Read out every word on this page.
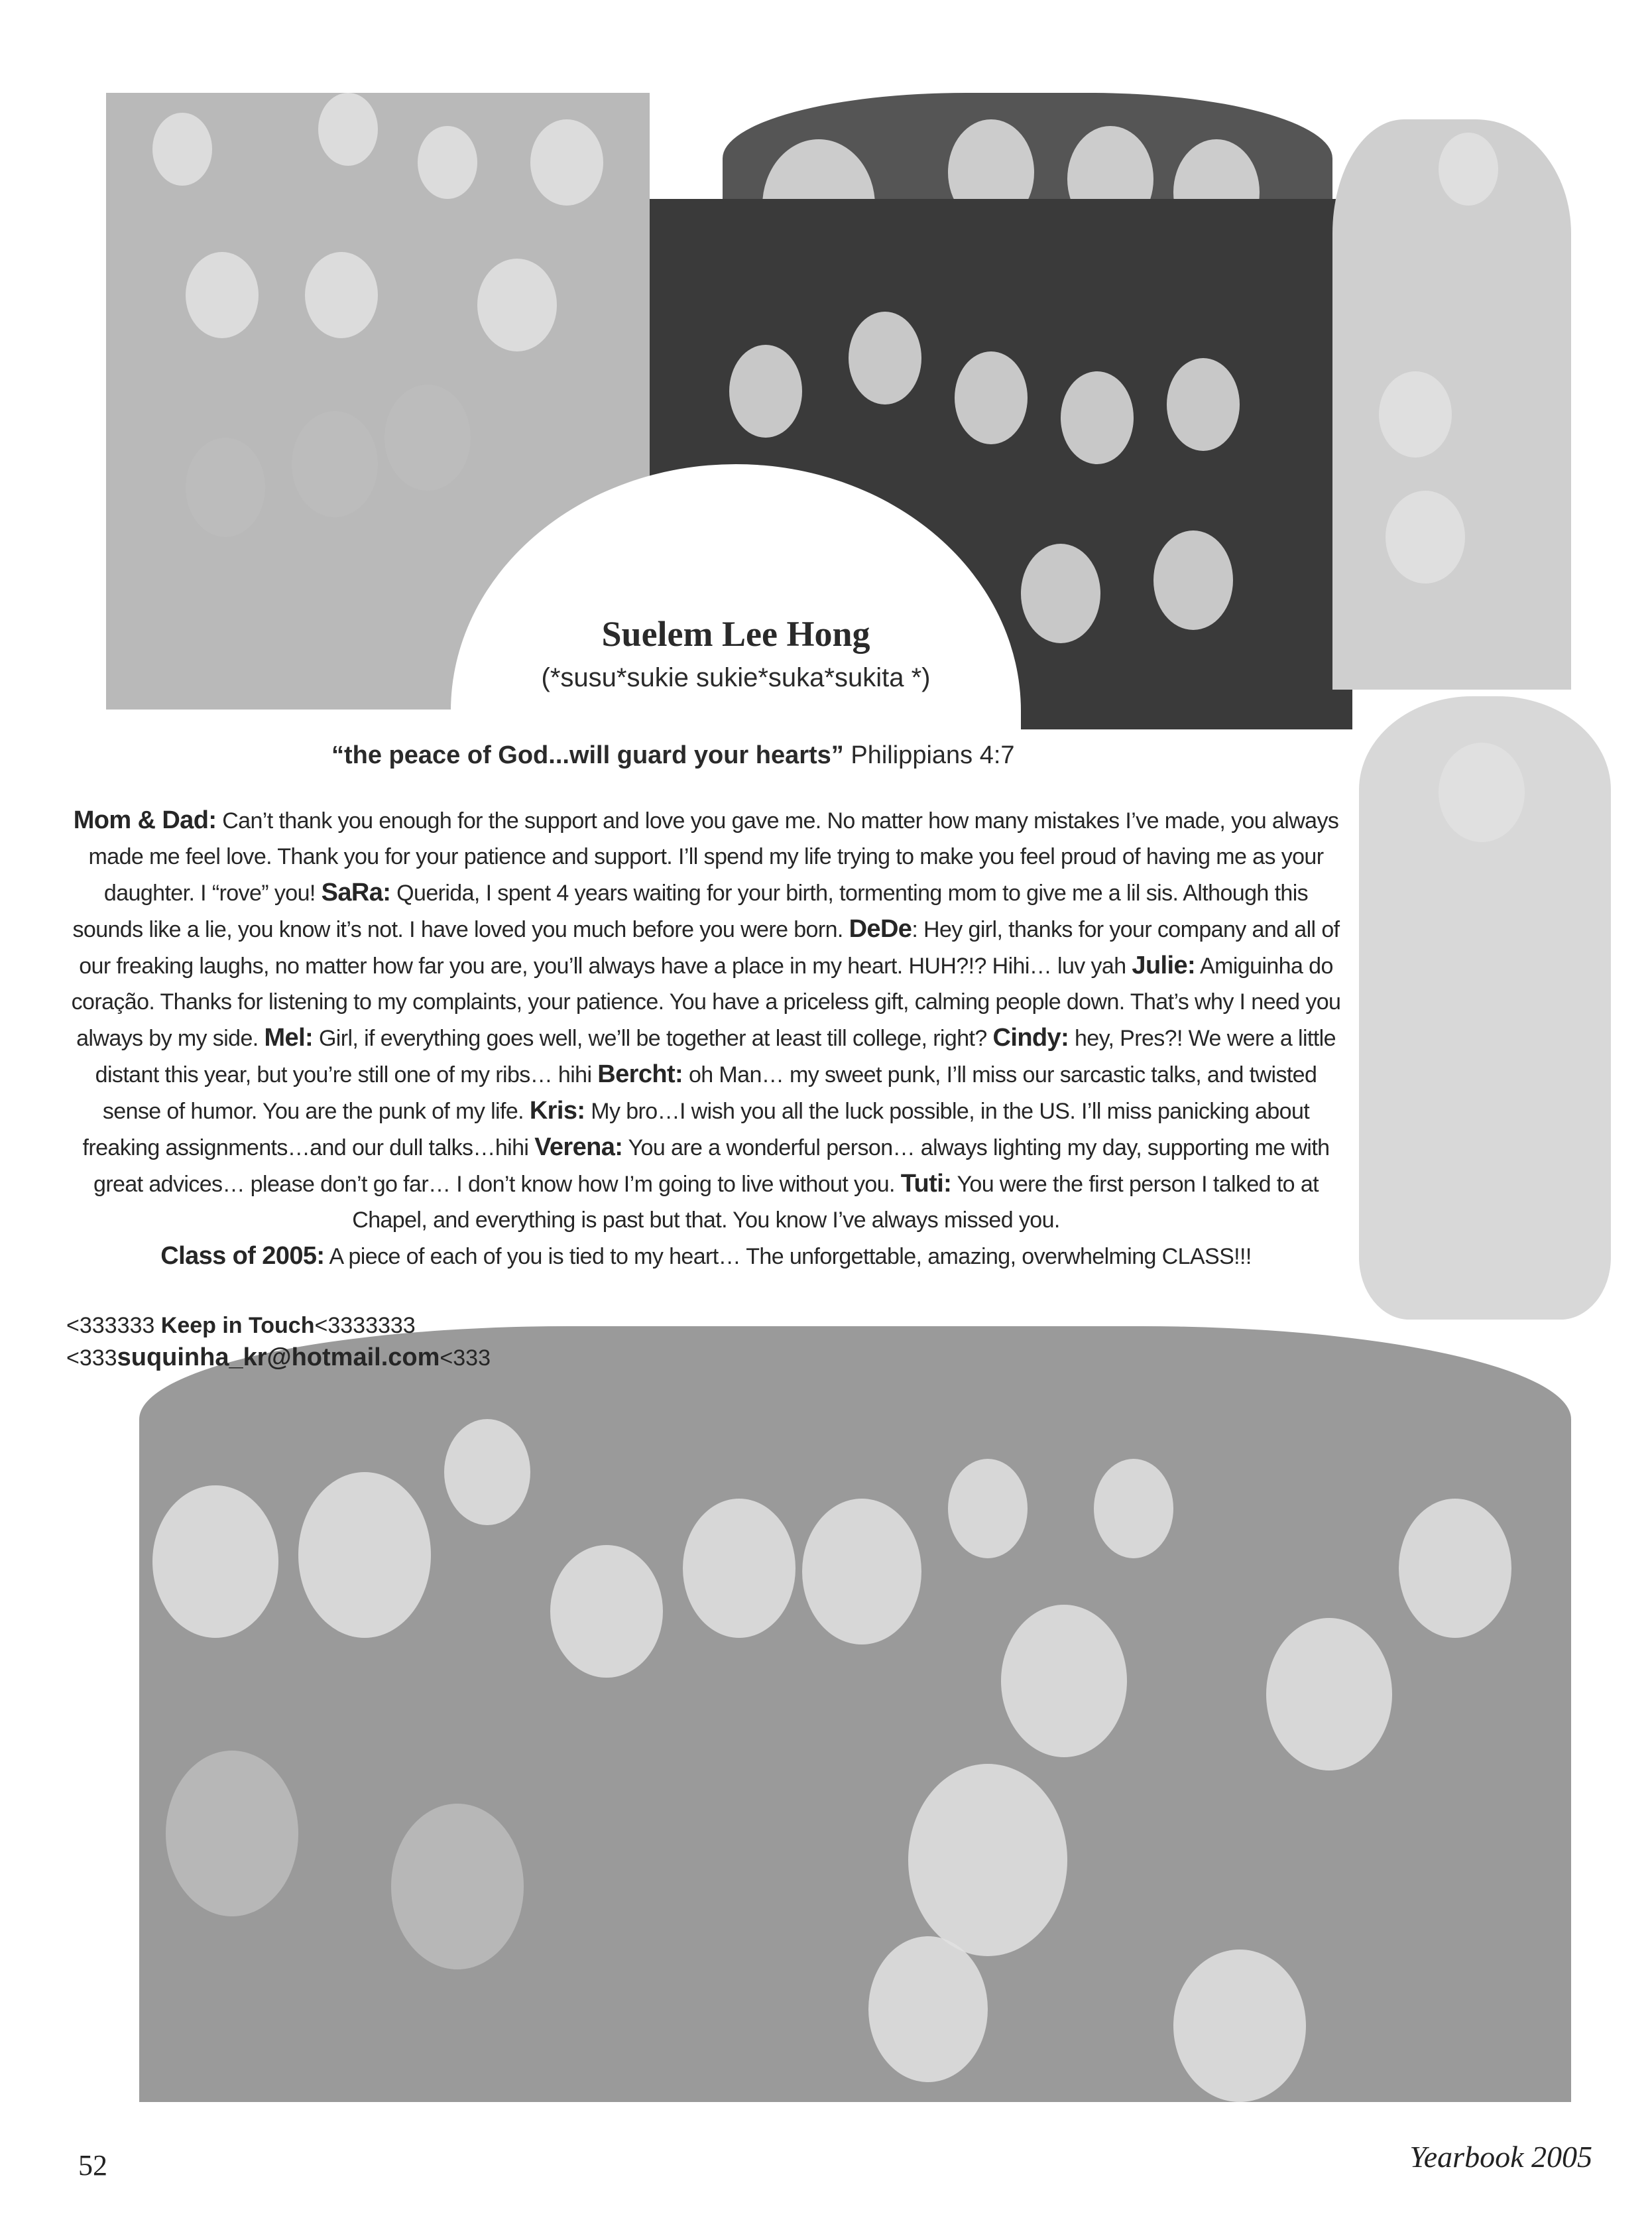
Suelem Lee Hong
(*susu*sukie sukie*suka*sukita *)
“the peace of God...will guard your hearts” Philippians 4:7
Mom & Dad: Can’t thank you enough for the support and love you gave me. No matter how many mistakes I’ve made, you always made me feel love. Thank you for your patience and support. I’ll spend my life trying to make you feel proud of having me as your daughter. I “rove” you! SaRa: Querida, I spent 4 years waiting for your birth, tormenting mom to give me a lil sis. Although this sounds like a lie, you know it’s not. I have loved you much before you were born. DeDe: Hey girl, thanks for your company and all of our freaking laughs, no matter how far you are, you’ll always have a place in my heart. HUH?!? Hihi… luv yah Julie: Amiguinha do coração. Thanks for listening to my complaints, your patience. You have a priceless gift, calming people down. That’s why I need you always by my side. Mel: Girl, if everything goes well, we’ll be together at least till college, right? Cindy: hey, Pres?! We were a little distant this year, but you’re still one of my ribs… hihi Bercht: oh Man… my sweet punk, I’ll miss our sarcastic talks, and twisted sense of humor. You are the punk of my life. Kris: My bro…I wish you all the luck possible, in the US. I’ll miss panicking about freaking assignments…and our dull talks…hihi Verena: You are a wonderful person… always lighting my day, supporting me with great advices… please don’t go far… I don’t know how I’m going to live without you. Tuti: You were the first person I talked to at Chapel, and everything is past but that. You know I’ve always missed you.
Class of 2005: A piece of each of you is tied to my heart… The unforgettable, amazing, overwhelming CLASS!!!
<333333 Keep in Touch<3333333
<333suquinha_kr@hotmail.com<333
52	Yearbook 2005
